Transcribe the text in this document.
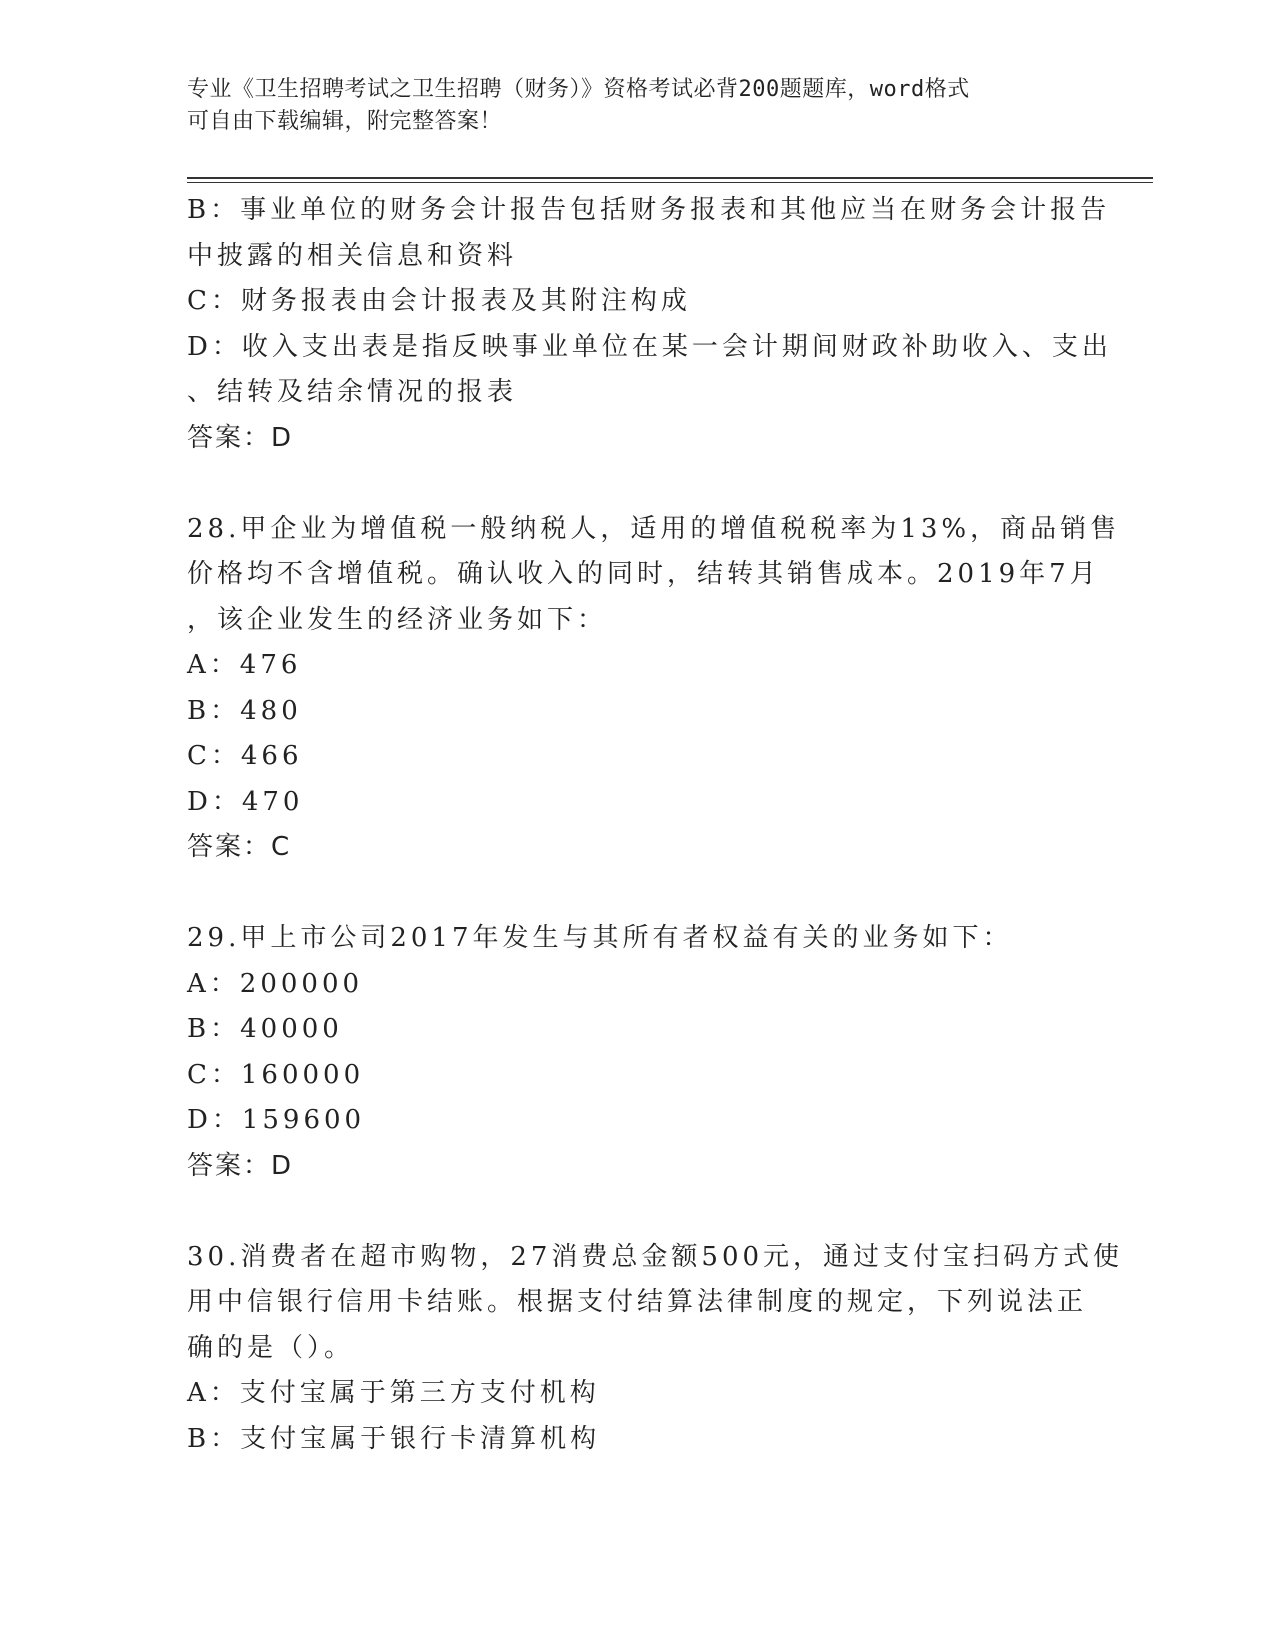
专业《卫生招聘考试之卫生招聘（财务）》资格考试必背200题题库，word格式
可自由下载编辑，附完整答案！
B：事业单位的财务会计报告包括财务报表和其他应当在财务会计报告
中披露的相关信息和资料
C：财务报表由会计报表及其附注构成
D：收入支出表是指反映事业单位在某一会计期间财政补助收入、支出
、结转及结余情况的报表
答案：D
28.甲企业为增值税一般纳税人，适用的增值税税率为13%，商品销售
价格均不含增值税。确认收入的同时，结转其销售成本。2019年7月
，该企业发生的经济业务如下：
A：476
B：480
C：466
D：470
答案：C
29.甲上市公司2017年发生与其所有者权益有关的业务如下：
A：200000
B：40000
C：160000
D：159600
答案：D
30.消费者在超市购物，27消费总金额500元，通过支付宝扫码方式使
用中信银行信用卡结账。根据支付结算法律制度的规定，下列说法正
确的是（）。
A：支付宝属于第三方支付机构
B：支付宝属于银行卡清算机构
